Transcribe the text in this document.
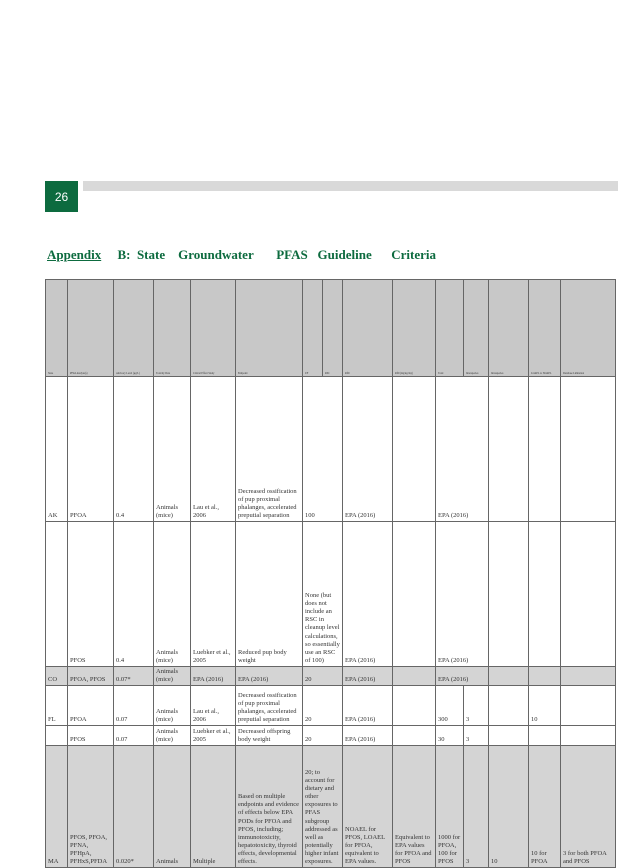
26
Appendix B: State Groundwater PFAS Guideline Criteria
State	PFAS Analyte(s)	Advisory Level (µg/L)	Toxicity Data	Critical Effect Study	Endpoint	UF	RSC	RfD	RfD (mg/kg/day)	Total	Interspecies	Intraspecies	LOAEL to NOAEL	Database Limitation
AK	PFOA	0.4	Animals (mice)	Lau et al., 2006	Decreased ossification of pup proximal phalanges, accelerated preputial separation	100		EPA (2016)		EPA (2016)				
	PFOS	0.4	Animals (mice)	Luebker et al., 2005	Reduced pup body weight	None (but does not include an RSC in cleanup level calculations, so essentially use an RSC of 100)		EPA (2016)		EPA (2016)				
CO	PFOA, PFOS	0.07*	Animals (mice)	EPA (2016)	EPA (2016)	20		EPA (2016)		EPA (2016)				
FL	PFOA	0.07	Animals (mice)	Lau et al., 2006	Decreased ossification of pup proximal phalanges, accelerated preputial separation	20		EPA (2016)		300	3		10	
	PFOS	0.07	Animals (mice)	Luebker et al., 2005	Decreased offspring body weight	20		EPA (2016)		30	3			
MA	PFOS, PFOA, PFNA, PFHpA, PFHxS,PFDA	0.020*	Animals	Multiple	Based on multiple endpoints and evidence of effects below EPA PODs for PFOA and PFOS, including; immunotoxicity, hepatotoxicity, thyroid effects, developmental effects.	20; to account for dietary and other exposures to PFAS subgroup addressed as well as potentially higher infant exposures.		NOAEL for PFOS, LOAEL for PFOA, equivalent to EPA values.	Equivalent to EPA values for PFOA and PFOS	1000 for PFOA, 100 for PFOS	3	10	10 for PFOA	3 for both PFOA and PFOS
